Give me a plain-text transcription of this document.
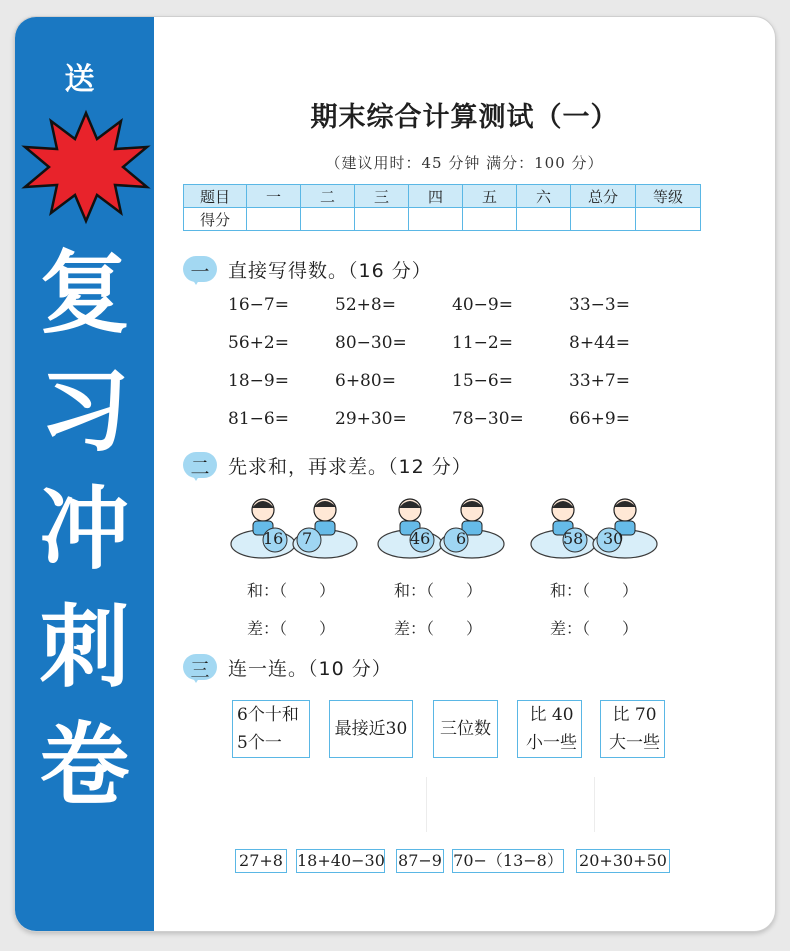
送
复
习
冲
刺
卷
期末综合计算测试（一）
（建议用时：45 分钟 满分：100 分）
题目	一	二	三	四	五	六	总分	等级
得分								
一 直接写得数。（16 分）
16−7=	52+8=	40−9=	33−3=
56+2=	80−30=	11−2=	8+44=
18−9=	6+80=	15−6=	33+7=
81−6=	29+30=	78−30=	66+9=
二 先求和，再求差。（12 分）
16 7	46 6	58 30
和：（　　）	和：（　　）	和：（　　）
差：（　　）	差：（　　）	差：（　　）
三 连一连。（10 分）
6个十和
5个一
最接近30	三位数
比 40
小一些
比 70
大一些
27+8 18+40−30 87−9 70−（13−8） 20+30+50
